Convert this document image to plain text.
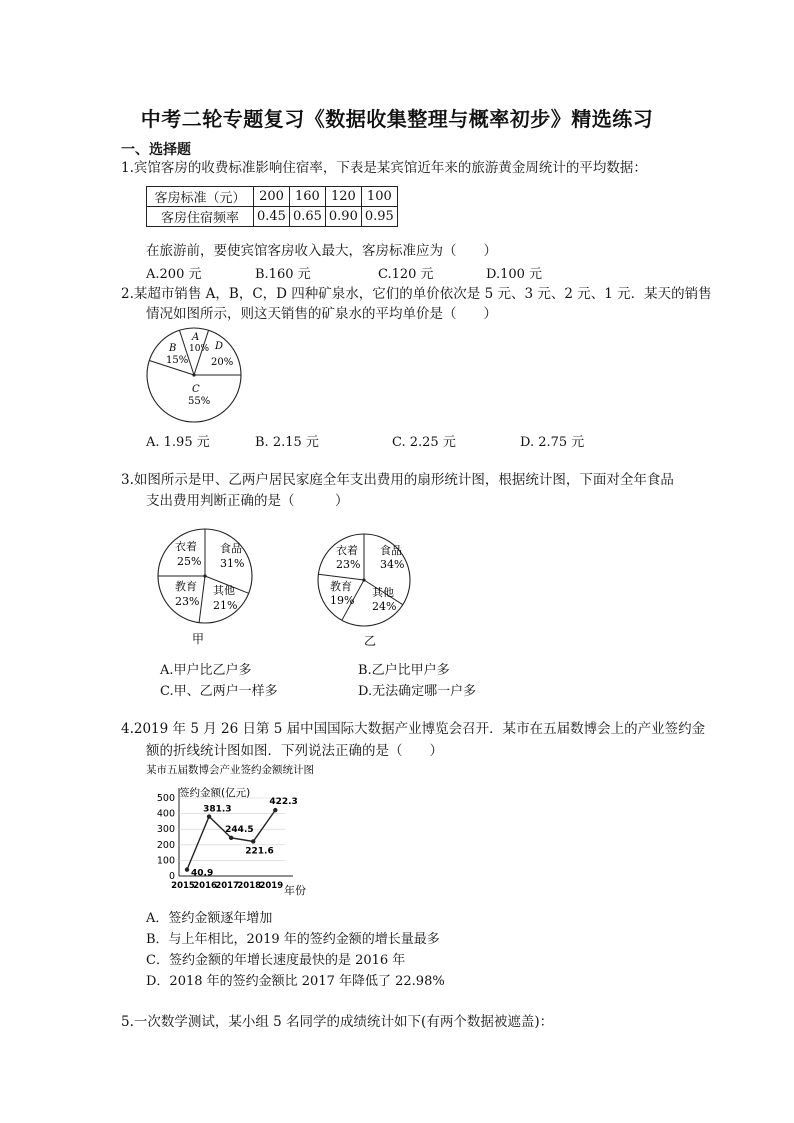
中考二轮专题复习《数据收集整理与概率初步》精选练习
一、选择题
1.宾馆客房的收费标准影响住宿率，下表是某宾馆近年来的旅游黄金周统计的平均数据：
客房标准（元）	200	160	120	100
客房住宿频率	0.45	0.65	0.90	0.95
在旅游前，要使宾馆客房收入最大，客房标准应为（　　）
A.200 元	B.160 元	C.120 元	D.100 元
2.某超市销售 A，B，C，D 四种矿泉水，它们的单价依次是 5 元、3 元、2 元、1 元．某天的销售
情况如图所示，则这天销售的矿泉水的平均单价是（　　）
A
10%
B
15%
C
55%
D
20%
A. 1.95 元	B. 2.15 元	C. 2.25 元	D. 2.75 元
3.如图所示是甲、乙两户居民家庭全年支出费用的扇形统计图，根据统计图，下面对全年食品
支出费用判断正确的是（　　　）
衣着
25%
食品
31%
其他
21%
教育
23%
甲
衣着
23%
食品
34%
其他
24%
教育
19%
乙
A.甲户比乙户多	B.乙户比甲户多
C.甲、乙两户一样多	D.无法确定哪一户多
4.2019 年 5 月 26 日第 5 届中国国际大数据产业博览会召开．某市在五届数博会上的产业签约金
额的折线统计图如图．下列说法正确的是（　　）
某市五届数博会产业签约金额统计图
签约金额(亿元)
年份
0
100
200
300
400
500
2015
2016
2017
2018
2019
40.9
381.3
244.5
221.6
422.3
A．签约金额逐年增加
B．与上年相比，2019 年的签约金额的增长量最多
C．签约金额的年增长速度最快的是 2016 年
D．2018 年的签约金额比 2017 年降低了 22.98%
5.一次数学测试，某小组 5 名同学的成绩统计如下(有两个数据被遮盖)：
